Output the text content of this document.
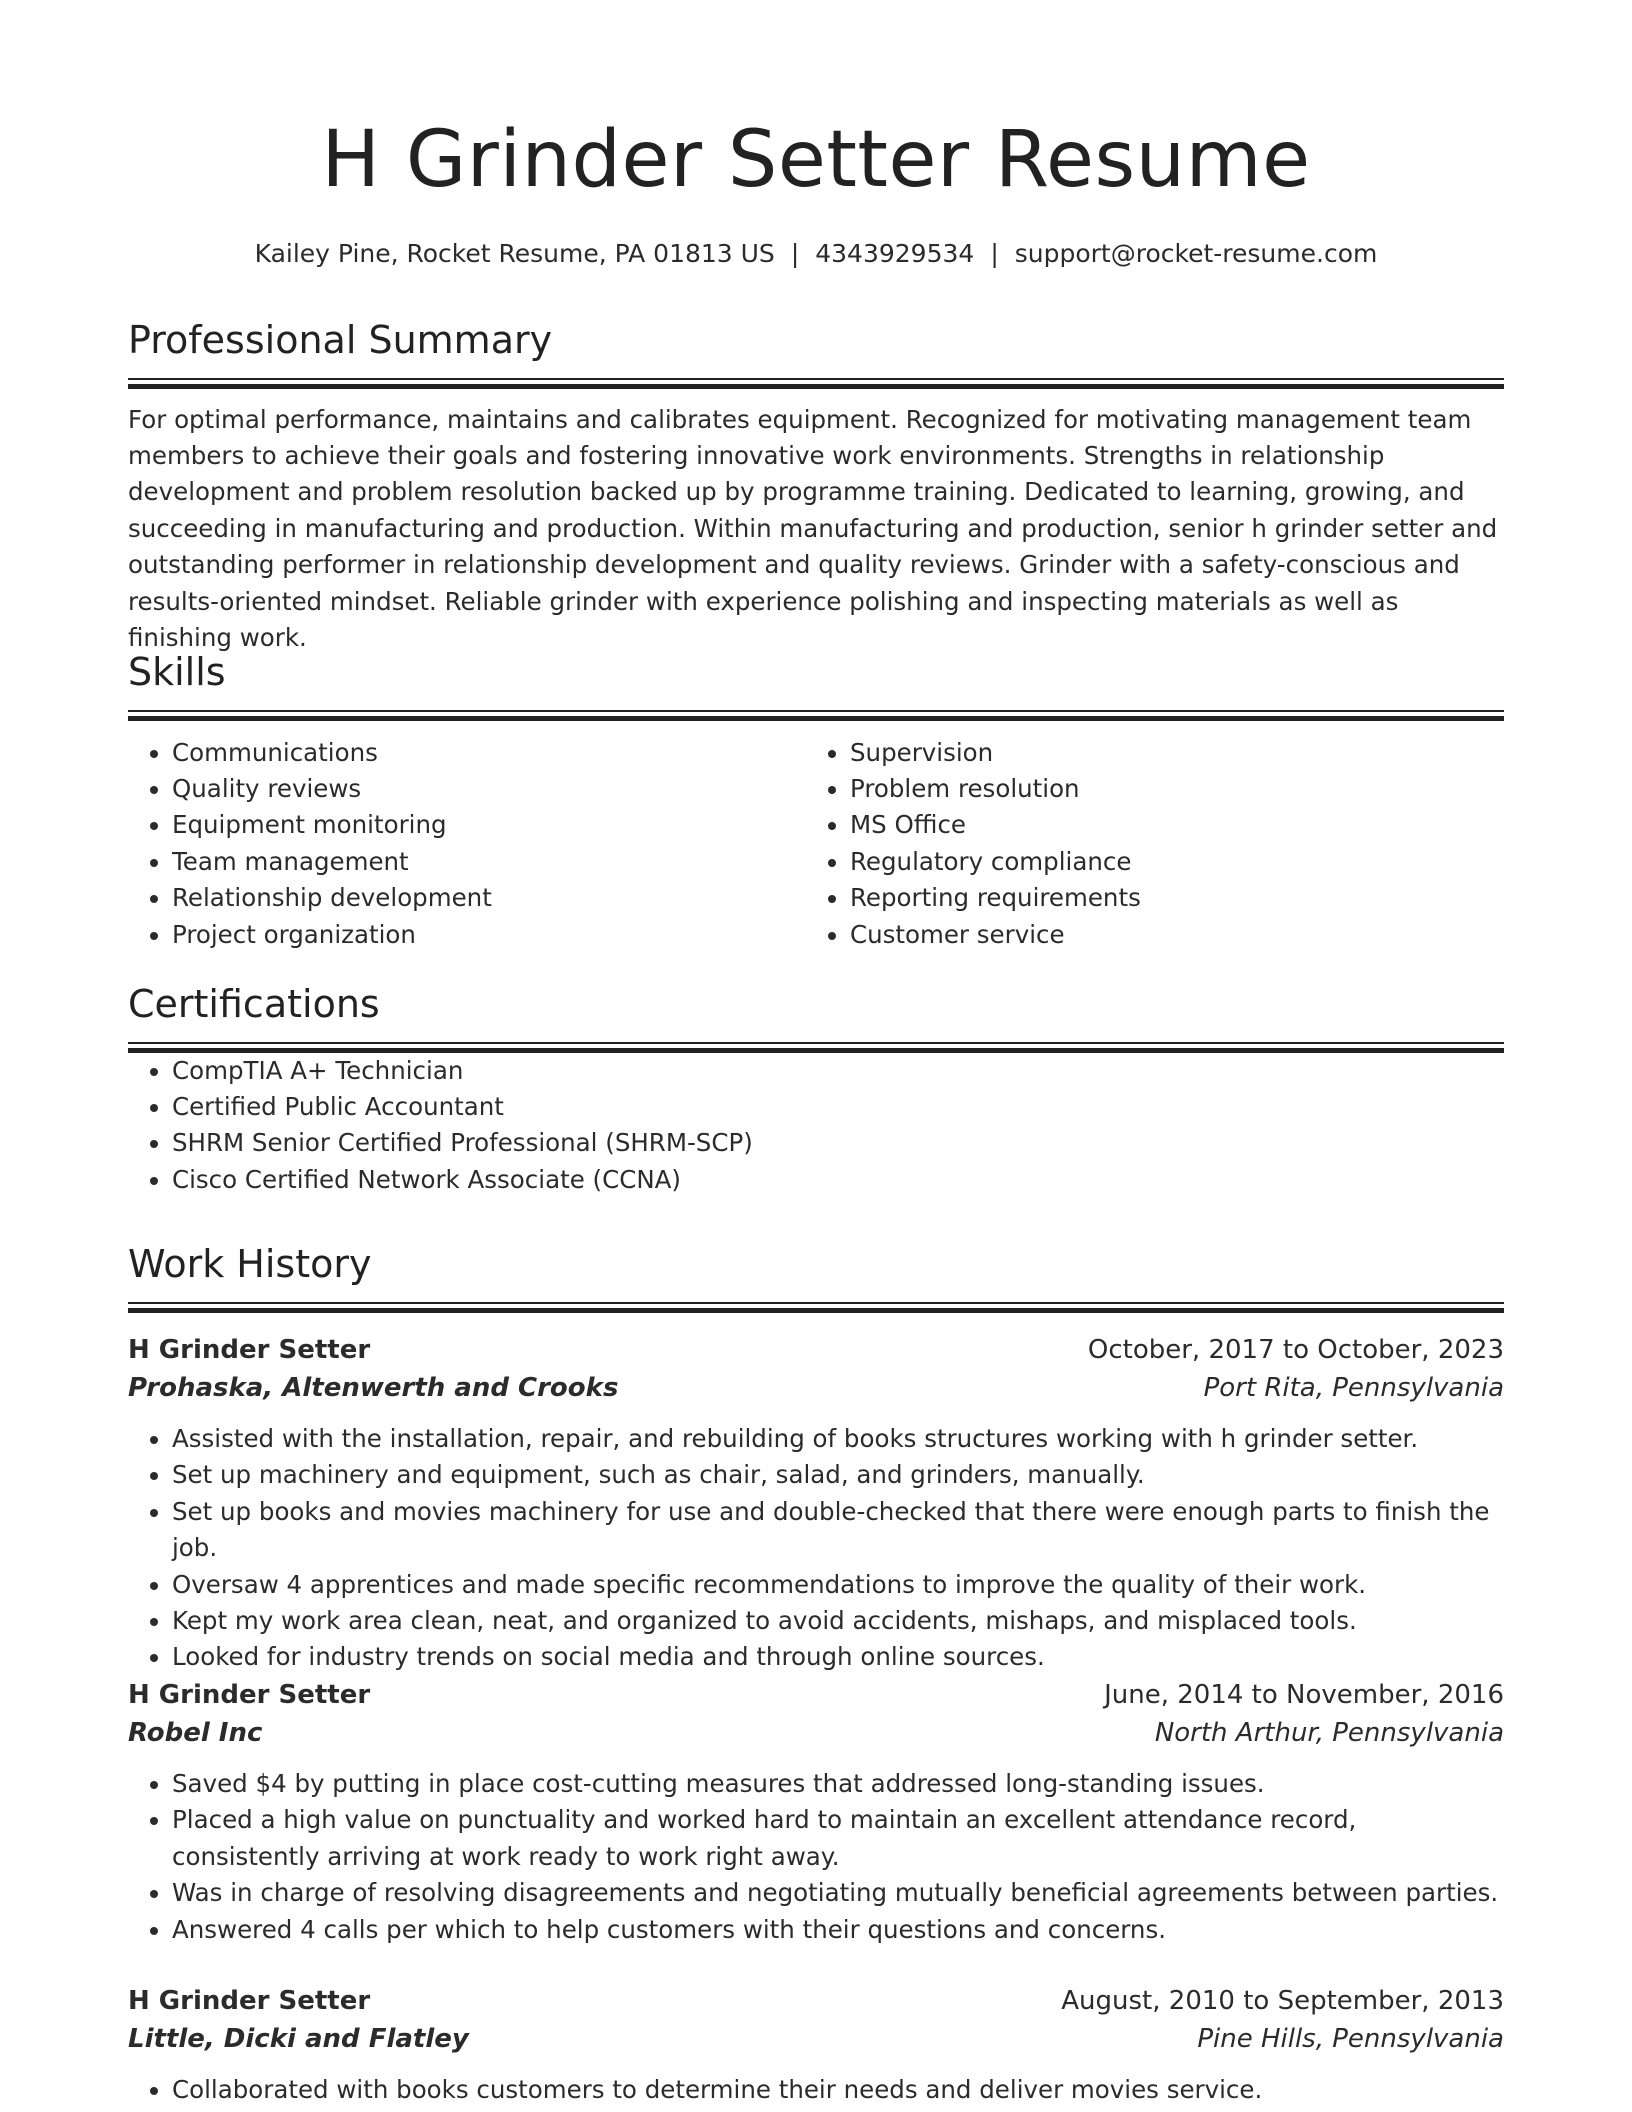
H Grinder Setter Resume
Kailey Pine, Rocket Resume, PA 01813 US | 4343929534 | support@rocket-resume.com
Professional Summary

For optimal performance, maintains and calibrates equipment. Recognized for motivating management team members to achieve their goals and fostering innovative work environments. Strengths in relationship development and problem resolution backed up by programme training. Dedicated to learning, growing, and succeeding in manufacturing and production. Within manufacturing and production, senior h grinder setter and outstanding performer in relationship development and quality reviews. Grinder with a safety-conscious and results-oriented mindset. Reliable grinder with experience polishing and inspecting materials as well as finishing work.

Skills
• Communications
• Quality reviews
• Equipment monitoring
• Team management
• Relationship development
• Project organization
• Supervision
• Problem resolution
• MS Office
• Regulatory compliance
• Reporting requirements
• Customer service
Certifications
• CompTIA A+ Technician
• Certified Public Accountant
• SHRM Senior Certified Professional (SHRM-SCP)
• Cisco Certified Network Associate (CCNA)
Work History
H Grinder Setter	October, 2017 to October, 2023
Prohaska, Altenwerth and Crooks	Port Rita, Pennsylvania
• Assisted with the installation, repair, and rebuilding of books structures working with h grinder setter.
• Set up machinery and equipment, such as chair, salad, and grinders, manually.
• Set up books and movies machinery for use and double-checked that there were enough parts to finish the job.
• Oversaw 4 apprentices and made specific recommendations to improve the quality of their work.
• Kept my work area clean, neat, and organized to avoid accidents, mishaps, and misplaced tools.
• Looked for industry trends on social media and through online sources.
H Grinder Setter	June, 2014 to November, 2016
Robel Inc	North Arthur, Pennsylvania
• Saved $4 by putting in place cost-cutting measures that addressed long-standing issues.
• Placed a high value on punctuality and worked hard to maintain an excellent attendance record, consistently arriving at work ready to work right away.
• Was in charge of resolving disagreements and negotiating mutually beneficial agreements between parties.
• Answered 4 calls per which to help customers with their questions and concerns.
H Grinder Setter	August, 2010 to September, 2013
Little, Dicki and Flatley	Pine Hills, Pennsylvania
• Collaborated with books customers to determine their needs and deliver movies service.
